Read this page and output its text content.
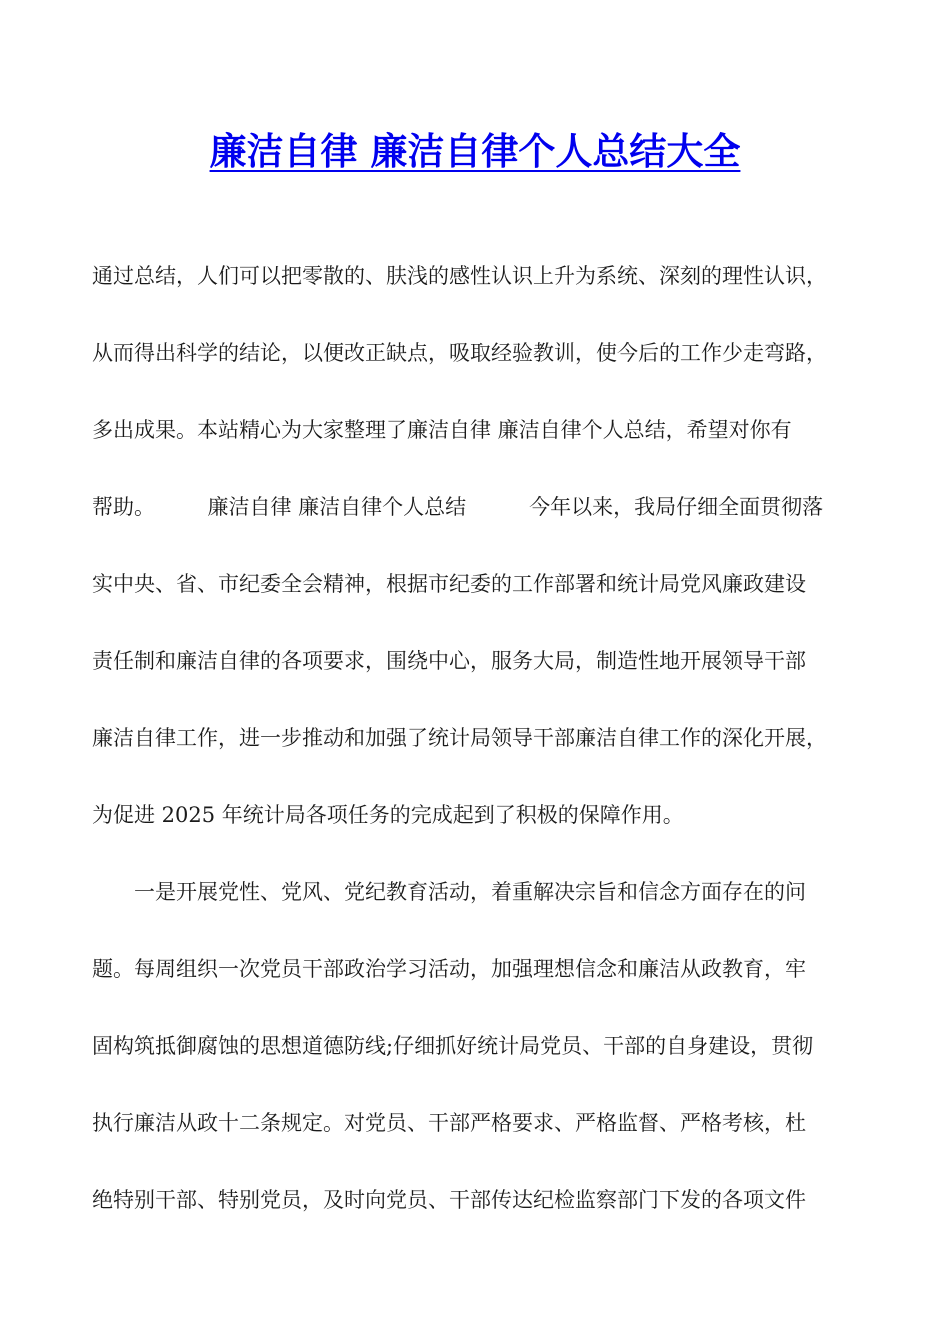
廉洁自律 廉洁自律个人总结大全
通过总结，人们可以把零散的、肤浅的感性认识上升为系统、深刻的理性认识，
从而得出科学的结论，以便改正缺点，吸取经验教训，使今后的工作少走弯路，
多出成果。本站精心为大家整理了廉洁自律 廉洁自律个人总结，希望对你有
帮助。　　　廉洁自律 廉洁自律个人总结　　　今年以来，我局仔细全面贯彻落
实中央、省、市纪委全会精神，根据市纪委的工作部署和统计局党风廉政建设
责任制和廉洁自律的各项要求，围绕中心，服务大局，制造性地开展领导干部
廉洁自律工作，进一步推动和加强了统计局领导干部廉洁自律工作的深化开展，
为促进 2025 年统计局各项任务的完成起到了积极的保障作用。
　　一是开展党性、党风、党纪教育活动，着重解决宗旨和信念方面存在的问
题。每周组织一次党员干部政治学习活动，加强理想信念和廉洁从政教育，牢
固构筑抵御腐蚀的思想道德防线;仔细抓好统计局党员、干部的自身建设，贯彻
执行廉洁从政十二条规定。对党员、干部严格要求、严格监督、严格考核，杜
绝特别干部、特别党员，及时向党员、干部传达纪检监察部门下发的各项文件
